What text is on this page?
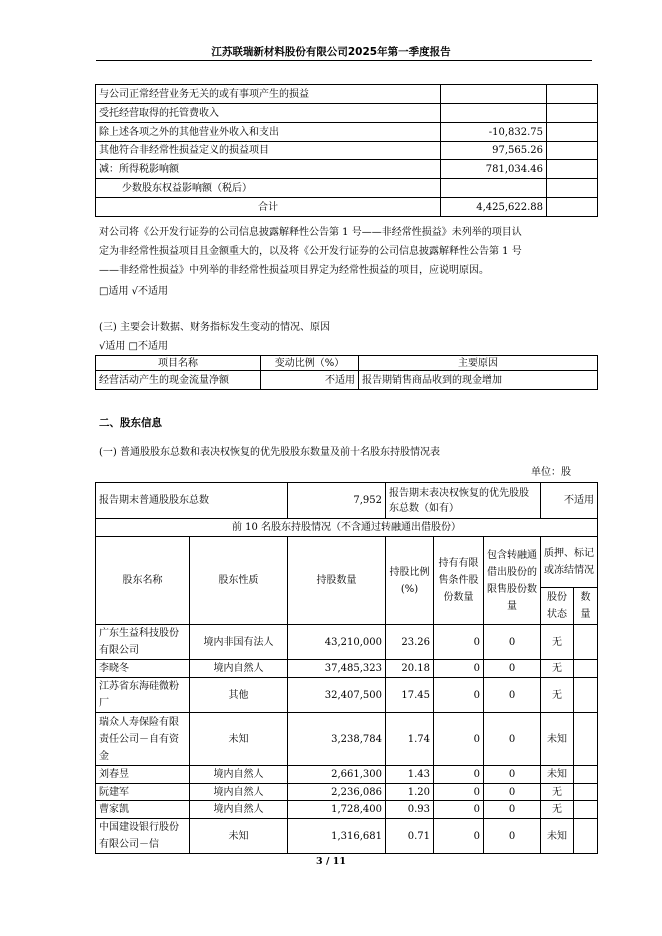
江苏联瑞新材料股份有限公司2025年第一季度报告
与公司正常经营业务无关的或有事项产生的损益		
受托经营取得的托管费收入		
除上述各项之外的其他营业外收入和支出	-10,832.75	
其他符合非经常性损益定义的损益项目	97,565.26	
减：所得税影响额	781,034.46	
少数股东权益影响额（税后）		
合计	4,425,622.88	
对公司将《公开发行证券的公司信息披露解释性公告第 1 号——非经常性损益》未列举的项目认
定为非经常性损益项目且金额重大的，以及将《公开发行证券的公司信息披露解释性公告第 1 号
——非经常性损益》中列举的非经常性损益项目界定为经常性损益的项目，应说明原因。
□适用 √不适用
(三) 主要会计数据、财务指标发生变动的情况、原因
√适用 □不适用
项目名称	变动比例（%）	主要原因
经营活动产生的现金流量净额	不适用	报告期销售商品收到的现金增加
二、股东信息
(一) 普通股股东总数和表决权恢复的优先股股东数量及前十名股东持股情况表
单位：股
报告期末普通股股东总数		7,952	报告期末表决权恢复的优先股股东总数（如有）			不适用	
前 10 名股东持股情况（不含通过转融通出借股份）							
股东名称	股东性质	持股数量	持股比例(%)	持有有限售条件股份数量	包含转融通借出股份的限售股份数量	质押、标记或冻结情况	
						股份状态	数量
广东生益科技股份有限公司	境内非国有法人	43,210,000	23.26	0	0	无	
李晓冬	境内自然人	37,485,323	20.18	0	0	无	
江苏省东海硅微粉厂	其他	32,407,500	17.45	0	0	无	
瑞众人寿保险有限责任公司－自有资金	未知	3,238,784	1.74	0	0	未知	
刘春昱	境内自然人	2,661,300	1.43	0	0	未知	
阮建军	境内自然人	2,236,086	1.20	0	0	无	
曹家凯	境内自然人	1,728,400	0.93	0	0	无	
中国建设银行股份有限公司－信	未知	1,316,681	0.71	0	0	未知	
3 / 11
